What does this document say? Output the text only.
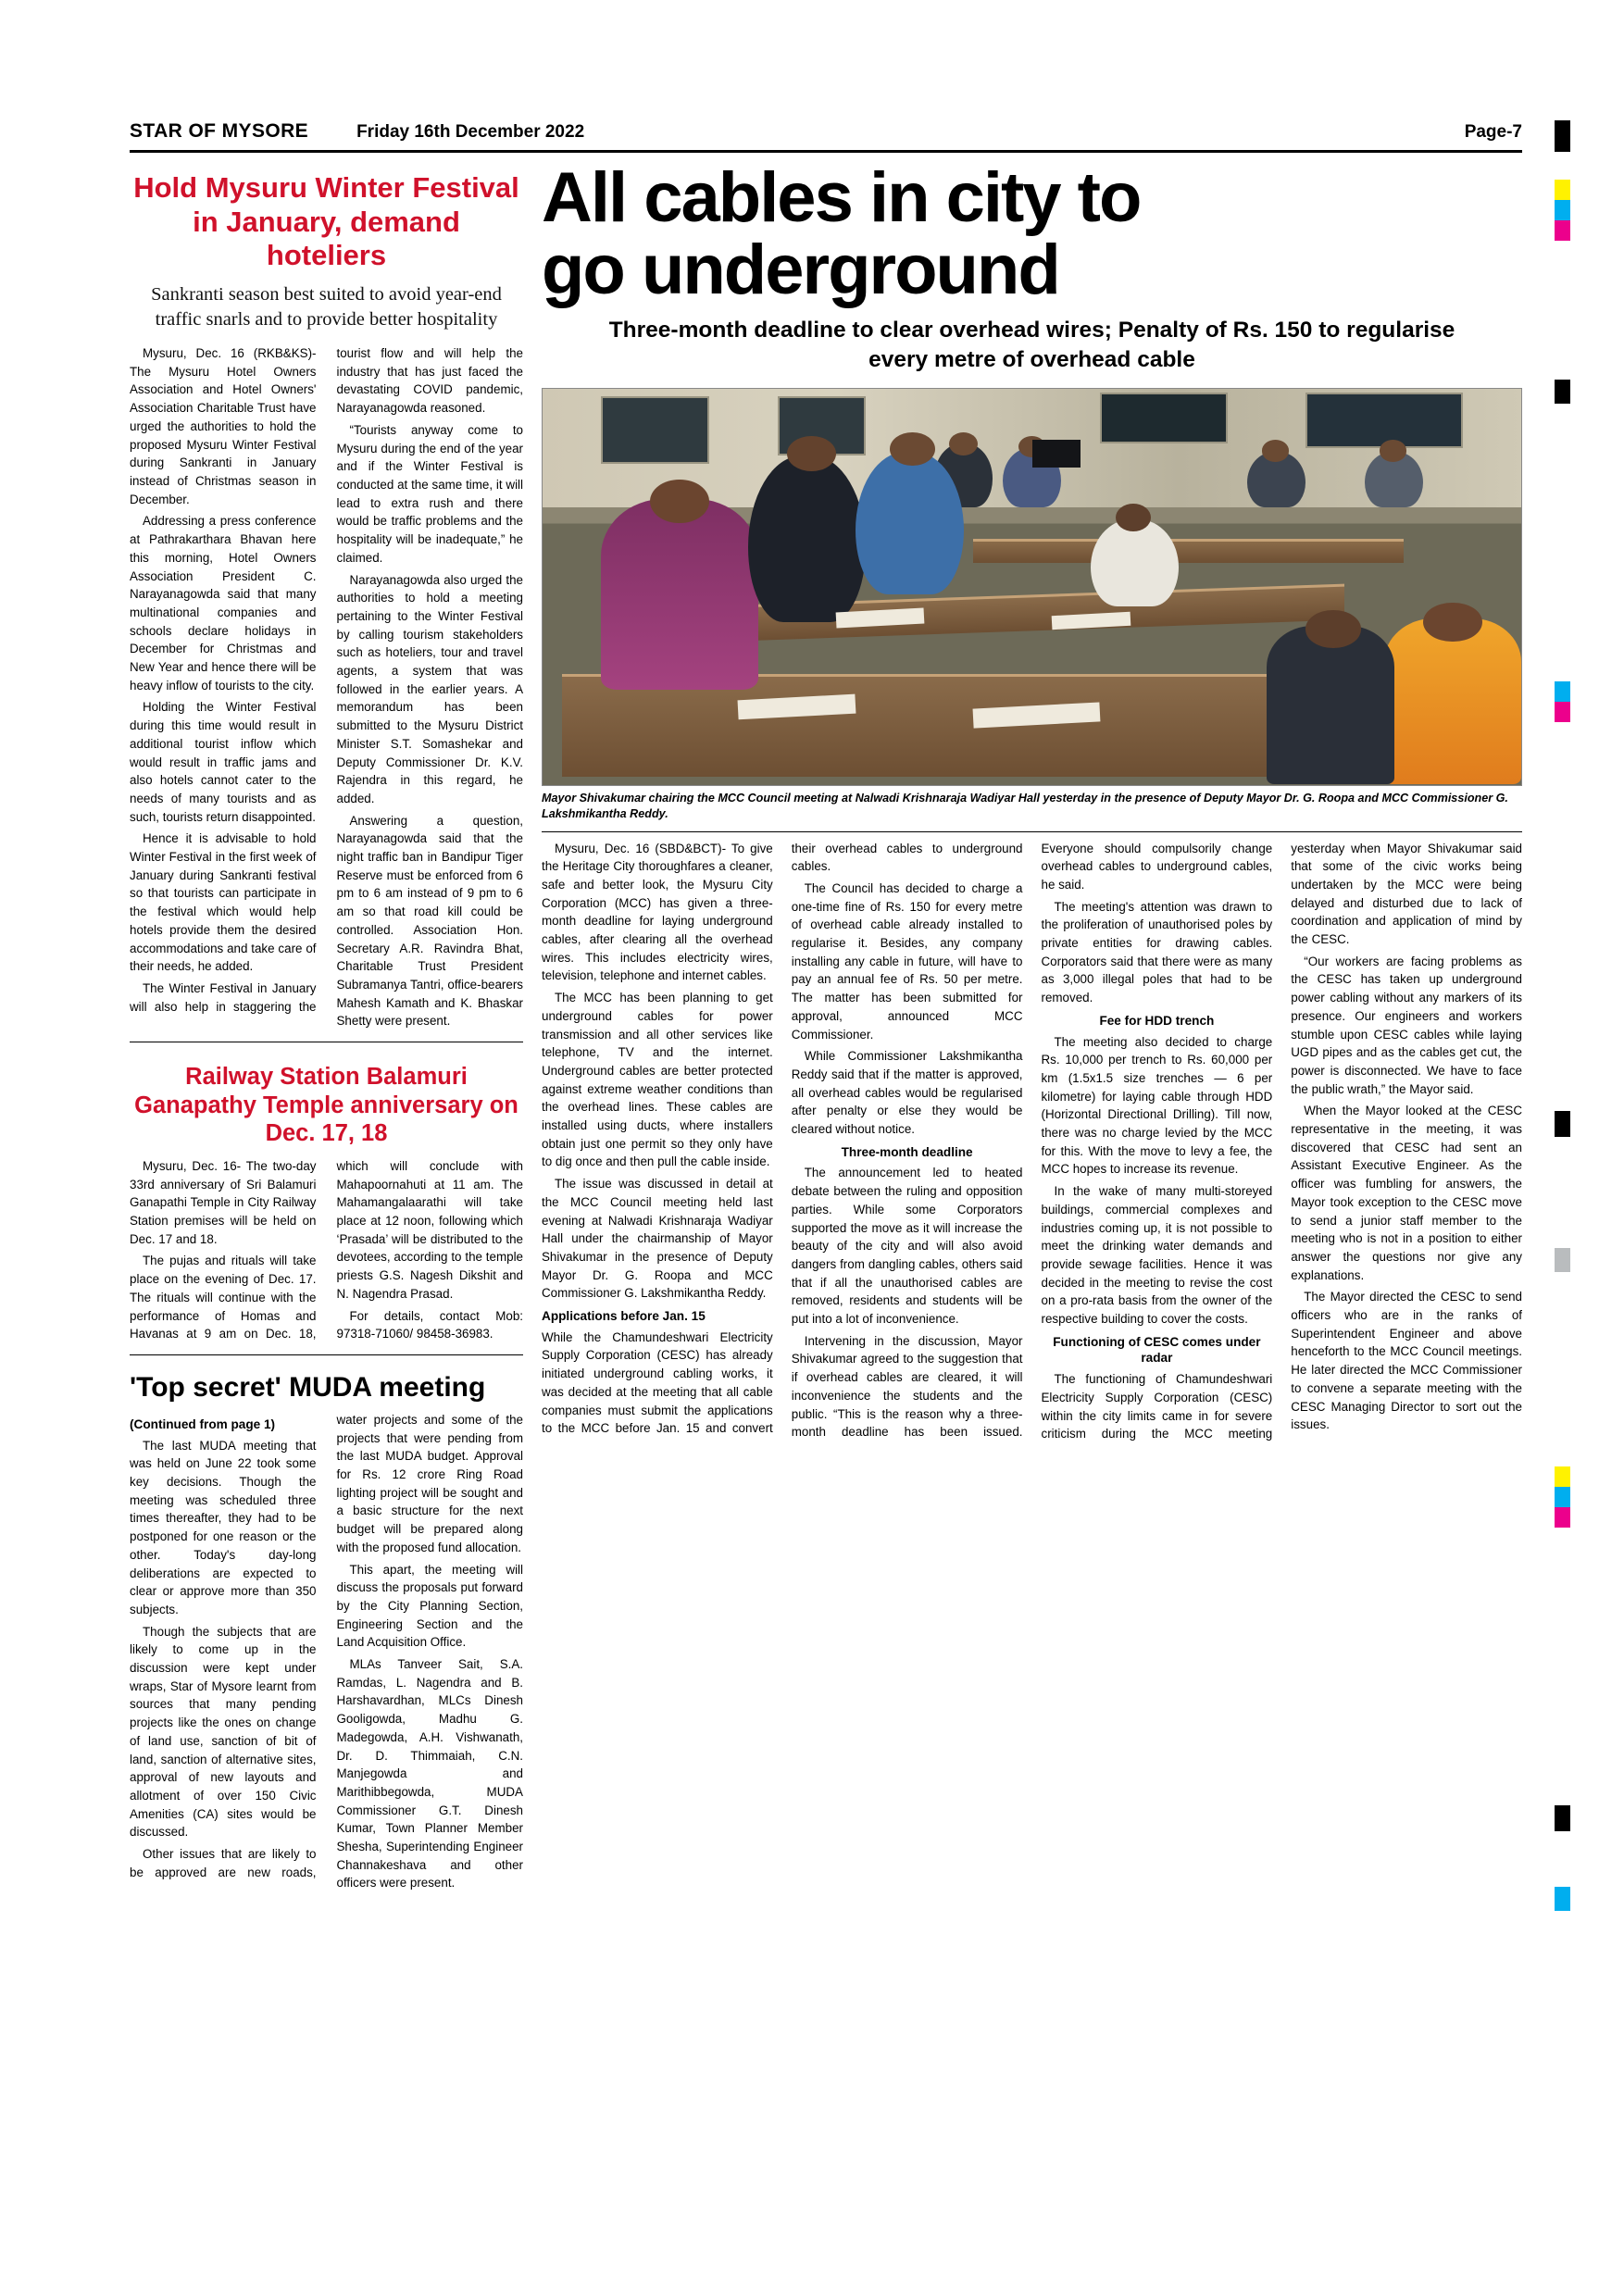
STAR OF MYSORE	Friday 16th December 2022	Page-7
Hold Mysuru Winter Festival in January, demand hoteliers
Sankranti season best suited to avoid year-end traffic snarls and to provide better hospitality

Mysuru, Dec. 16 (RKB&KS)- The Mysuru Hotel Owners Association and Hotel Owners' Association Charitable Trust have urged the authorities to hold the proposed Mysuru Winter Festival during Sankranti in January instead of Christmas season in December.

Addressing a press conference at Pathrakarthara Bhavan here this morning, Hotel Owners Association President C. Narayanagowda said that many multinational companies and schools declare holidays in December for Christmas and New Year and hence there will be heavy inflow of tourists to the city.

Holding the Winter Festival during this time would result in additional tourist inflow which would result in traffic jams and also hotels cannot cater to the needs of many tourists and as such, tourists return disappointed.

Hence it is advisable to hold Winter Festival in the first week of January during Sankranti festival so that tourists can participate in the festival which would help hotels provide them the desired accommodations and take care of their needs, he added.

The Winter Festival in January will also help in staggering the tourist flow and will help the industry that has just faced the devastating COVID pandemic, Narayanagowda reasoned.

“Tourists anyway come to Mysuru during the end of the year and if the Winter Festival is conducted at the same time, it will lead to extra rush and there would be traffic problems and the hospitality will be inadequate,” he claimed.

Narayanagowda also urged the authorities to hold a meeting pertaining to the Winter Festival by calling tourism stakeholders such as hoteliers, tour and travel agents, a system that was followed in the earlier years. A memorandum has been submitted to the Mysuru District Minister S.T. Somashekar and Deputy Commissioner Dr. K.V. Rajendra in this regard, he added.

Answering a question, Narayanagowda said that the night traffic ban in Bandipur Tiger Reserve must be enforced from 6 pm to 6 am instead of 9 pm to 6 am so that road kill could be controlled. Association Hon. Secretary A.R. Ravindra Bhat, Charitable Trust President Subramanya Tantri, office-bearers Mahesh Kamath and K. Bhaskar Shetty were present.

Railway Station Balamuri Ganapathy Temple anniversary on Dec. 17, 18

Mysuru, Dec. 16- The two-day 33rd anniversary of Sri Balamuri Ganapathi Temple in City Railway Station premises will be held on Dec. 17 and 18.

The pujas and rituals will take place on the evening of Dec. 17. The rituals will continue with the performance of Homas and Havanas at 9 am on Dec. 18, which will conclude with Mahapoornahuti at 11 am. The Mahamangalaarathi will take place at 12 noon, following which ‘Prasada’ will be distributed to the devotees, according to the temple priests G.S. Nagesh Dikshit and N. Nagendra Prasad.

For details, contact Mob: 97318-71060/ 98458-36983.

'Top secret' MUDA meeting

(Continued from page 1)

The last MUDA meeting that was held on June 22 took some key decisions. Though the meeting was scheduled three times thereafter, they had to be postponed for one reason or the other. Today's day-long deliberations are expected to clear or approve more than 350 subjects.

Though the subjects that are likely to come up in the discussion were kept under wraps, Star of Mysore learnt from sources that many pending projects like the ones on change of land use, sanction of bit of land, sanction of alternative sites, approval of new layouts and allotment of over 150 Civic Amenities (CA) sites would be discussed.

Other issues that are likely to be approved are new roads, water projects and some of the projects that were pending from the last MUDA budget. Approval for Rs. 12 crore Ring Road lighting project will be sought and a basic structure for the next budget will be prepared along with the proposed fund allocation.

This apart, the meeting will discuss the proposals put forward by the City Planning Section, Engineering Section and the Land Acquisition Office.

MLAs Tanveer Sait, S.A. Ramdas, L. Nagendra and B. Harshavardhan, MLCs Dinesh Gooligowda, Madhu G. Madegowda, A.H. Vishwanath, Dr. D. Thimmaiah, C.N. Manjegowda and Marithibbegowda, MUDA Commissioner G.T. Dinesh Kumar, Town Planner Member Shesha, Superintending Engineer Channakeshava and other officers were present.

All cables in city to
go underground
Three-month deadline to clear overhead wires; Penalty of Rs. 150 to regularise every metre of overhead cable
Mayor Shivakumar chairing the MCC Council meeting at Nalwadi Krishnaraja Wadiyar Hall yesterday in the presence of Deputy Mayor Dr. G. Roopa and MCC Commissioner G. Lakshmikantha Reddy.

Mysuru, Dec. 16 (SBD&BCT)- To give the Heritage City thoroughfares a cleaner, safe and better look, the Mysuru City Corporation (MCC) has given a three-month deadline for laying underground cables, after clearing all the overhead wires. This includes electricity wires, television, telephone and internet cables.

The MCC has been planning to get underground cables for power transmission and all other services like telephone, TV and the internet. Underground cables are better protected against extreme weather conditions than the overhead lines. These cables are installed using ducts, where installers obtain just one permit so they only have to dig once and then pull the cable inside.

The issue was discussed in detail at the MCC Council meeting held last evening at Nalwadi Krishnaraja Wadiyar Hall under the chairmanship of Mayor Shivakumar in the presence of Deputy Mayor Dr. G. Roopa and MCC Commissioner G. Lakshmikantha Reddy.

Applications before Jan. 15

While the Chamundeshwari Electricity Supply Corporation (CESC) has already initiated underground cabling works, it was decided at the meeting that all cable companies must submit the applications to the MCC before Jan. 15 and convert their overhead cables to underground cables.

The Council has decided to charge a one-time fine of Rs. 150 for every metre of overhead cable already installed to regularise it. Besides, any company installing any cable in future, will have to pay an annual fee of Rs. 50 per metre. The matter has been submitted for approval, announced MCC Commissioner.

While Commissioner Lakshmikantha Reddy said that if the matter is approved, all overhead cables would be regularised after penalty or else they would be cleared without notice.

Three-month deadline

The announcement led to heated debate between the ruling and opposition parties. While some Corporators supported the move as it will increase the beauty of the city and will also avoid dangers from dangling cables, others said that if all the unauthorised cables are removed, residents and students will be put into a lot of inconvenience.

Intervening in the discussion, Mayor Shivakumar agreed to the suggestion that if overhead cables are cleared, it will inconvenience the students and the public. “This is the reason why a three-month deadline has been issued. Everyone should compulsorily change overhead cables to underground cables, he said.

The meeting's attention was drawn to the proliferation of unauthorised poles by private entities for drawing cables. Corporators said that there were as many as 3,000 illegal poles that had to be removed.

Fee for HDD trench

The meeting also decided to charge Rs. 10,000 per trench to Rs. 60,000 per km (1.5x1.5 size trenches — 6 per kilometre) for laying cable through HDD (Horizontal Directional Drilling). Till now, there was no charge levied by the MCC for this. With the move to levy a fee, the MCC hopes to increase its revenue.

In the wake of many multi-storeyed buildings, commercial complexes and industries coming up, it is not possible to meet the drinking water demands and provide sewage facilities. Hence it was decided in the meeting to revise the cost on a pro-rata basis from the owner of the respective building to cover the costs.

Functioning of CESC comes under radar

The functioning of Chamundeshwari Electricity Supply Corporation (CESC) within the city limits came in for severe criticism during the MCC meeting yesterday when Mayor Shivakumar said that some of the civic works being undertaken by the MCC were being delayed and disturbed due to lack of coordination and application of mind by the CESC.

“Our workers are facing problems as the CESC has taken up underground power cabling without any markers of its presence. Our engineers and workers stumble upon CESC cables while laying UGD pipes and as the cables get cut, the power is disconnected. We have to face the public wrath,” the Mayor said.

When the Mayor looked at the CESC representative in the meeting, it was discovered that CESC had sent an Assistant Executive Engineer. As the officer was fumbling for answers, the Mayor took exception to the CESC move to send a junior staff member to the meeting who is not in a position to either answer the questions nor give any explanations.

The Mayor directed the CESC to send officers who are in the ranks of Superintendent Engineer and above henceforth to the MCC Council meetings. He later directed the MCC Commissioner to convene a separate meeting with the CESC Managing Director to sort out the issues.
